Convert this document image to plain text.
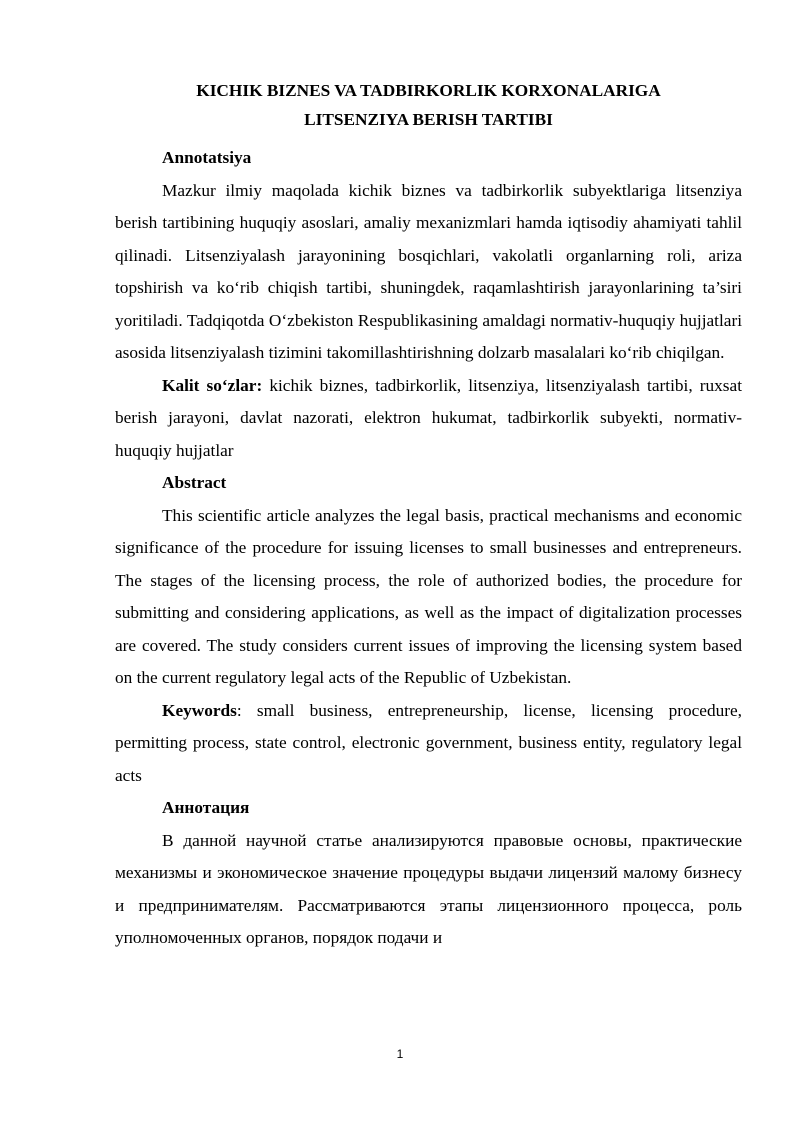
KICHIK BIZNES VA TADBIRKORLIK KORXONALARIGA
LITSENZIYA BERISH TARTIBI

Annotatsiya

Mazkur ilmiy maqolada kichik biznes va tadbirkorlik subyektlariga litsenziya berish tartibining huquqiy asoslari, amaliy mexanizmlari hamda iqtisodiy ahamiyati tahlil qilinadi. Litsenziyalash jarayonining bosqichlari, vakolatli organlarning roli, ariza topshirish va ko‘rib chiqish tartibi, shuningdek, raqamlashtirish jarayonlarining ta’siri yoritiladi. Tadqiqotda O‘zbekiston Respublikasining amaldagi normativ-huquqiy hujjatlari asosida litsenziyalash tizimini takomillashtirishning dolzarb masalalari ko‘rib chiqilgan.

Kalit so‘zlar: kichik biznes, tadbirkorlik, litsenziya, litsenziyalash tartibi, ruxsat berish jarayoni, davlat nazorati, elektron hukumat, tadbirkorlik subyekti, normativ-huquqiy hujjatlar

Abstract

This scientific article analyzes the legal basis, practical mechanisms and economic significance of the procedure for issuing licenses to small businesses and entrepreneurs. The stages of the licensing process, the role of authorized bodies, the procedure for submitting and considering applications, as well as the impact of digitalization processes are covered. The study considers current issues of improving the licensing system based on the current regulatory legal acts of the Republic of Uzbekistan.

Keywords: small business, entrepreneurship, license, licensing procedure, permitting process, state control, electronic government, business entity, regulatory legal acts

Аннотация

В данной научной статье анализируются правовые основы, практические механизмы и экономическое значение процедуры выдачи лицензий малому бизнесу и предпринимателям. Рассматриваются этапы лицензионного процесса, роль уполномоченных органов, порядок подачи и

1
